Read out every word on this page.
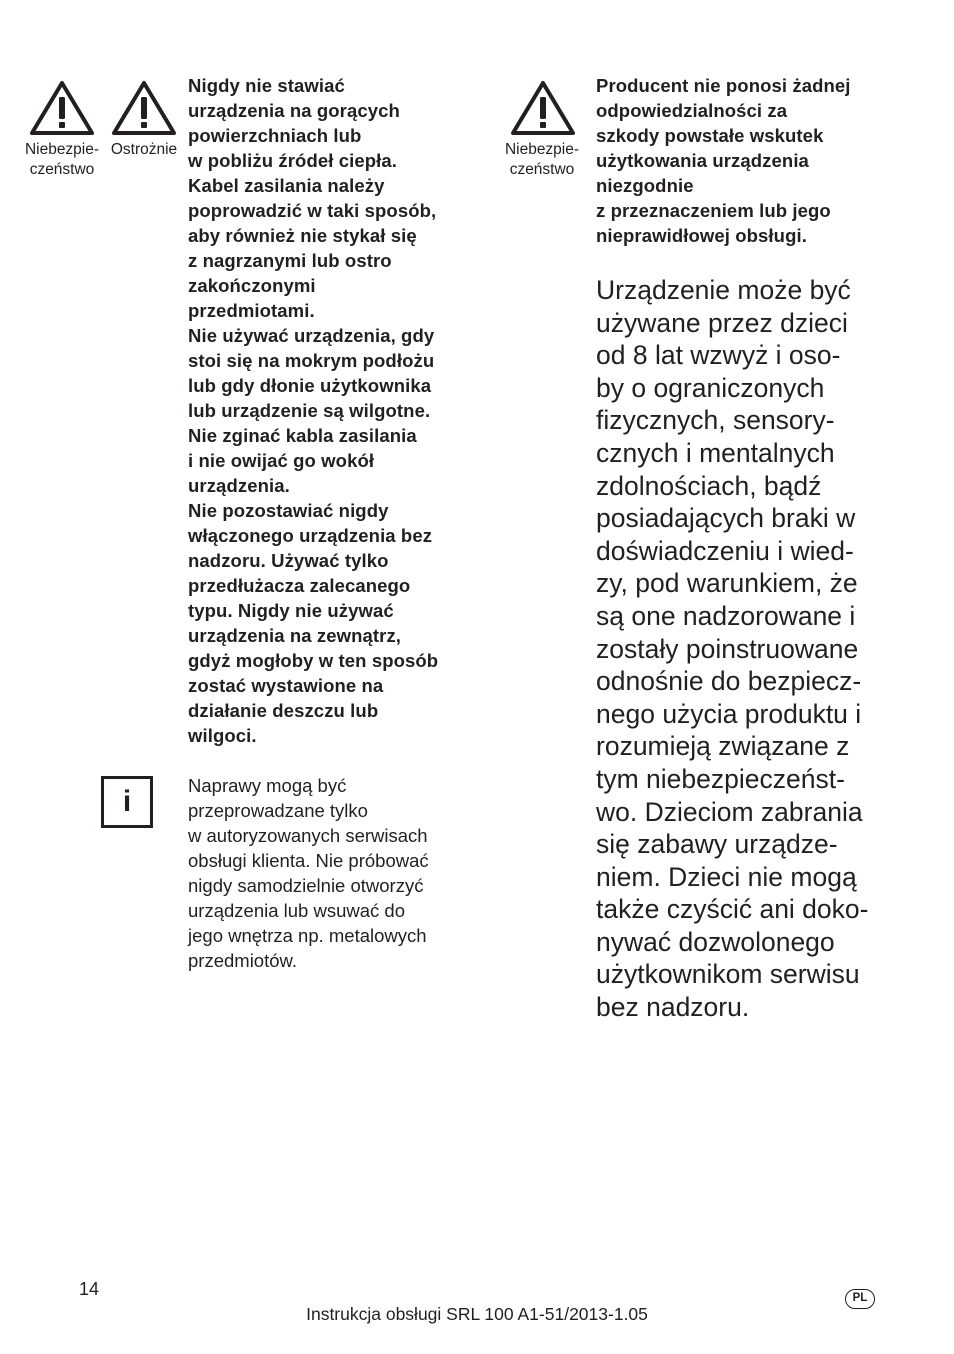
Niebezpie-
czeństwo
Ostrożnie
Nigdy nie stawiać
urządzenia na gorących
powierzchniach lub
w pobliżu źródeł ciepła.
Kabel zasilania należy
poprowadzić w taki sposób,
aby również nie stykał się
z nagrzanymi lub ostro
zakończonymi
przedmiotami.
Nie używać urządzenia, gdy
stoi się na mokrym podłożu
lub gdy dłonie użytkownika
lub urządzenie są wilgotne.
Nie zginać kabla zasilania
i nie owijać go wokół
urządzenia.
Nie pozostawiać nigdy
włączonego urządzenia bez
nadzoru. Używać tylko
przedłużacza zalecanego
typu. Nigdy nie używać
urządzenia na zewnątrz,
gdyż mogłoby w ten sposób
zostać wystawione na
działanie deszczu lub
wilgoci.
i	Naprawy mogą być
przeprowadzane tylko
w autoryzowanych serwisach
obsługi klienta. Nie próbować
nigdy samodzielnie otworzyć
urządzenia lub wsuwać do
jego wnętrza np. metalowych
przedmiotów.
Niebezpie-
czeństwo
Producent nie ponosi żadnej
odpowiedzialności za
szkody powstałe wskutek
użytkowania urządzenia
niezgodnie
z przeznaczeniem lub jego
nieprawidłowej obsługi.
Urządzenie może być
używane przez dzieci
od 8 lat wzwyż i oso-
by o ograniczonych
fizycznych, sensory-
cznych i mentalnych
zdolnościach, bądź
posiadających braki w
doświadczeniu i wied-
zy, pod warunkiem, że
są one nadzorowane i
zostały poinstruowane
odnośnie do bezpiecz-
nego użycia produktu i
rozumieją związane z
tym niebezpieczeńst-
wo. Dzieciom zabrania
się zabawy urządze-
niem. Dzieci nie mogą
także czyścić ani doko-
nywać dozwolonego
użytkownikom serwisu
bez nadzoru.
14
Instrukcja obsługi SRL 100 A1-51/2013-1.05
PL
